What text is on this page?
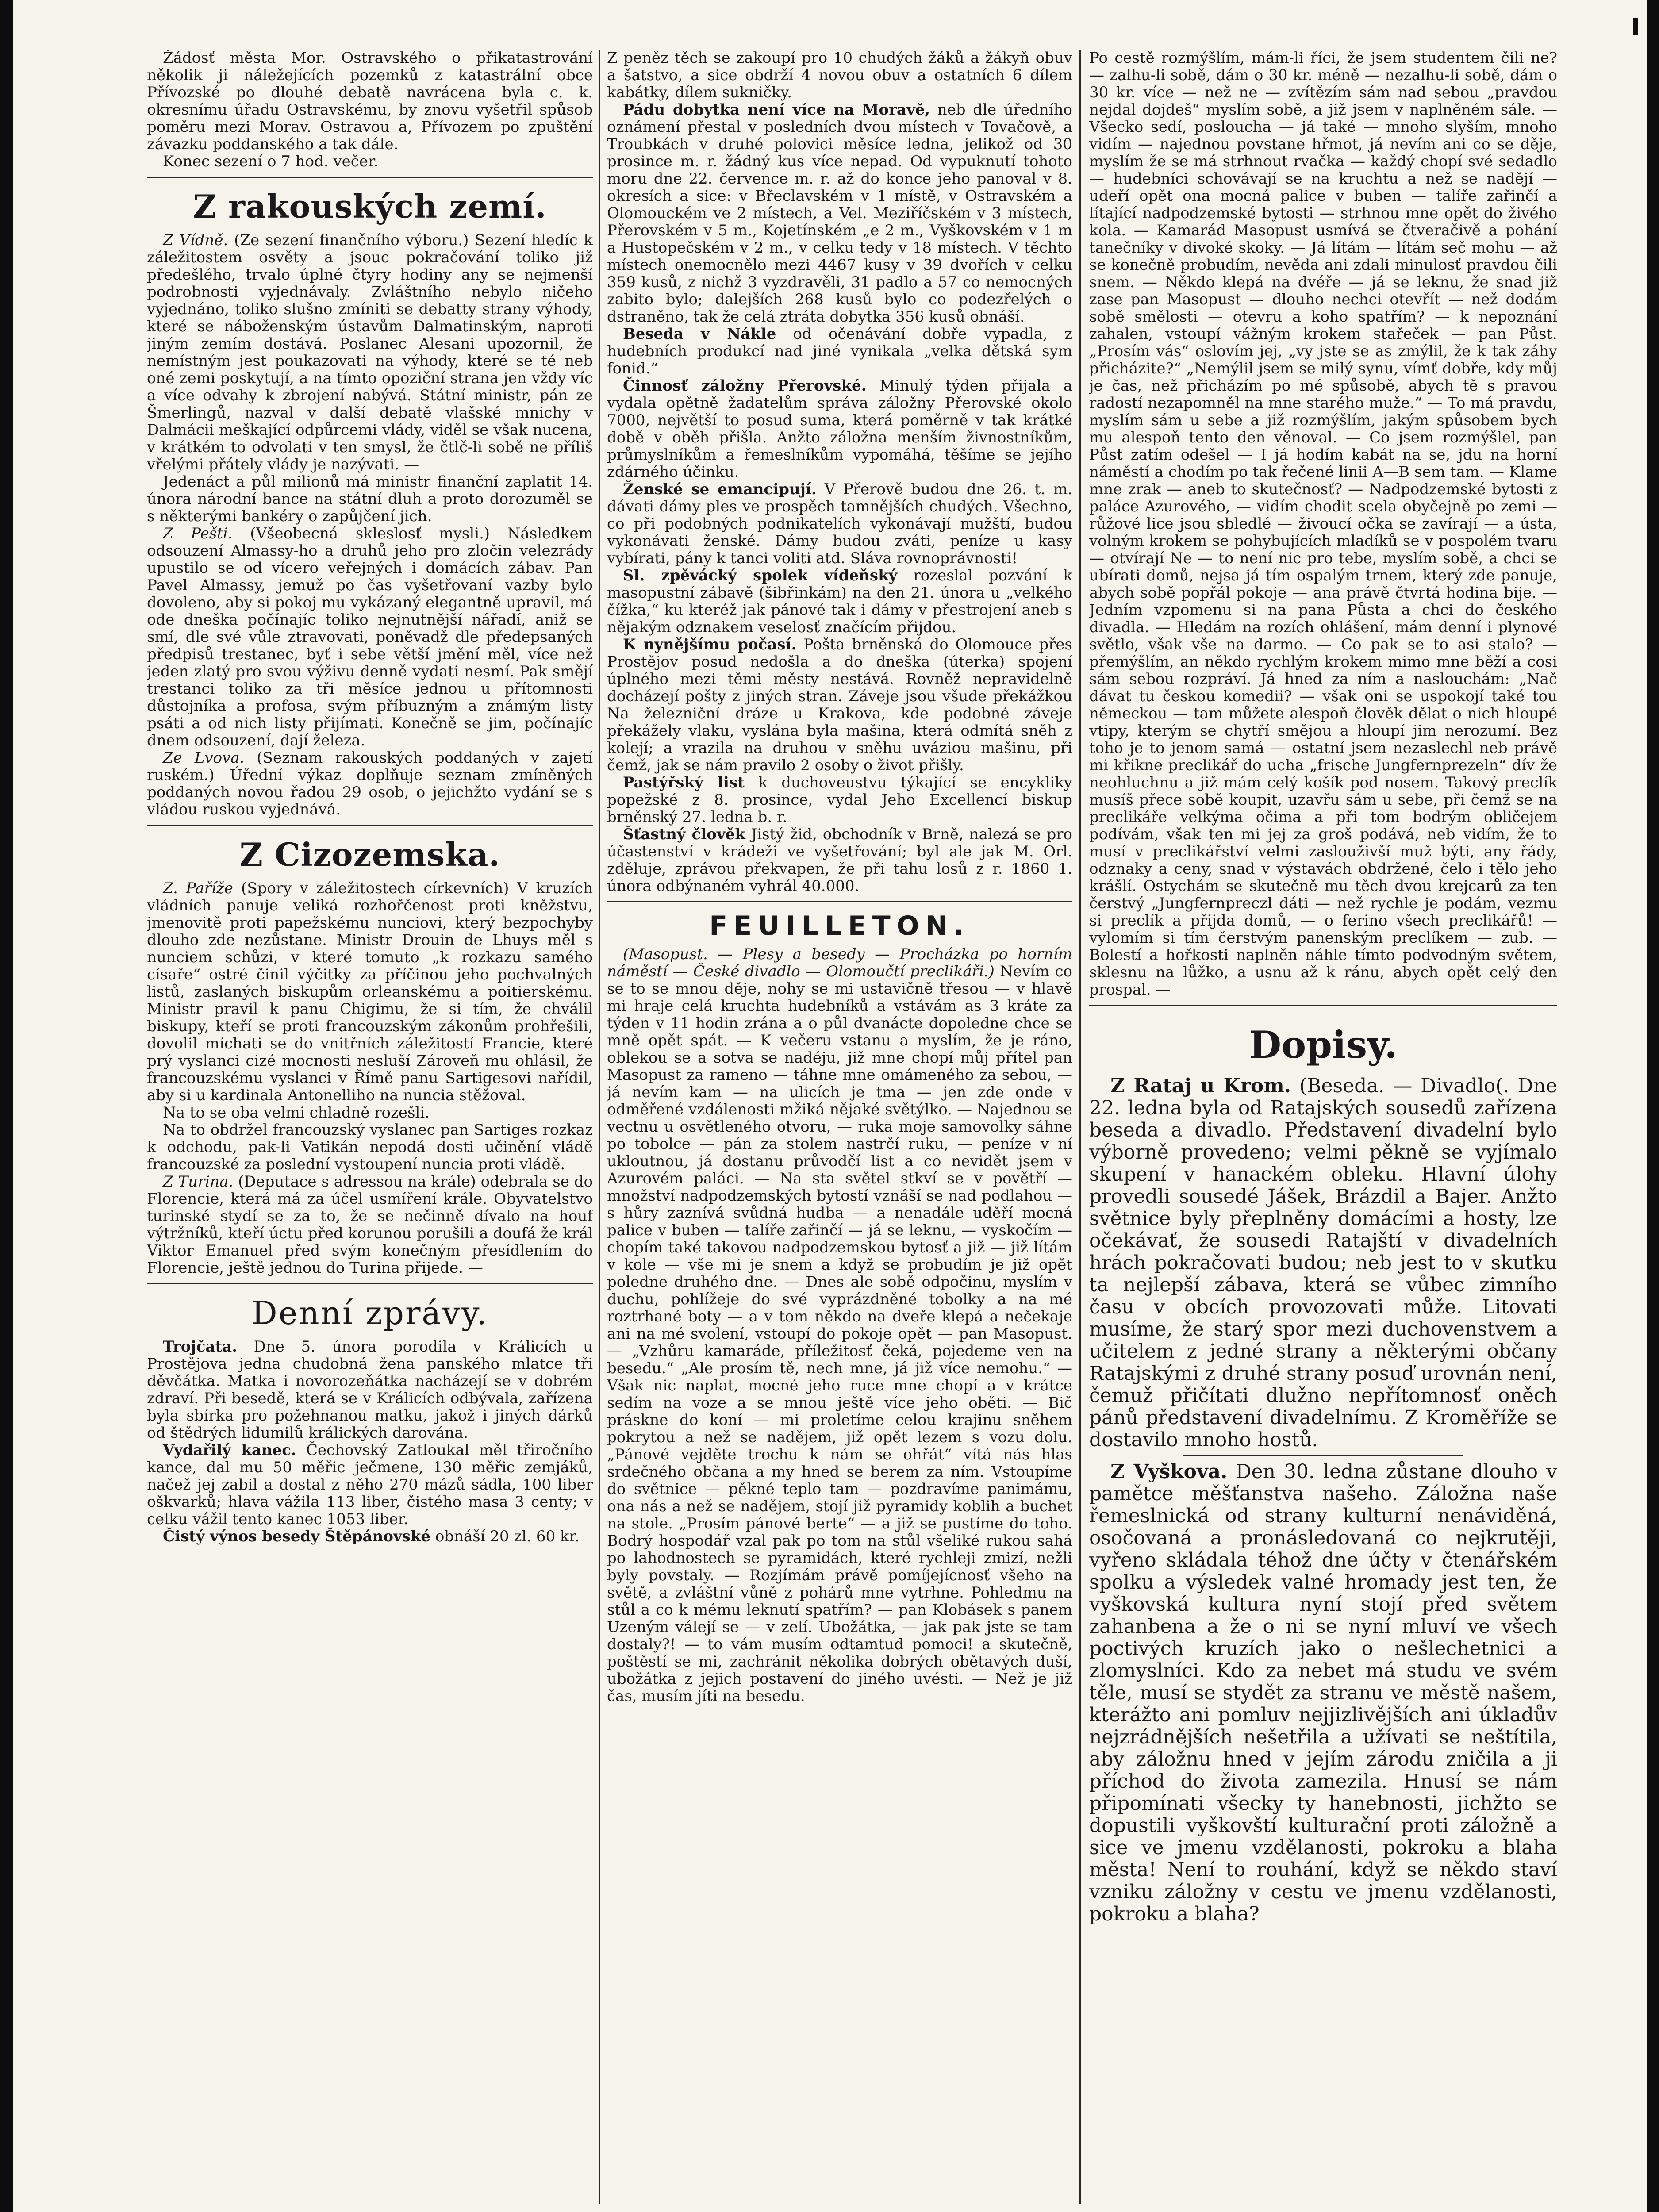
Žádosť města Mor. Ostravského o přikatastrování několik ji náležejících pozemků z katastrální obce Přívozské po dlouhé debatě navrácena byla c. k. okresnímu úřadu Ostravskému, by znovu vyšetřil spůsob poměru mezi Morav. Ostravou a, Přívozem po zpuštění závazku poddanského a tak dále.

Konec sezení o 7 hod. večer.

Z rakouských zemí.

Z Vídně. (Ze sezení finančního výboru.) Sezení hledíc k záležitostem osvěty a jsouc pokračování toliko již předešlého, trvalo úplné čtyry hodiny any se nejmenší podrobnosti vyjednávaly. Zvláštního nebylo ničeho vyjednáno, toliko slušno zmíniti se debatty strany výhody, které se náboženským ústavům Dalmatinským, naproti jiným zemím dostává. Poslanec Alesani upozornil, že nemístným jest poukazovati na výhody, které se té neb oné zemi poskytují, a na tímto opoziční strana jen vždy víc a více odvahy k zbrojení nabývá. Státní ministr, pán ze Šmerlingů, nazval v další debatě vlašské mnichy v Dalmácii meškající odpůrcemi vlády, viděl se však nucena, v krátkém to odvolati v ten smysl, že čtlč-li sobě ne příliš vřelými přátely vlády je nazývati. —

Jedenáct a půl milionů má ministr finanční zaplatit 14. února národní bance na státní dluh a proto dorozuměl se s některými bankéry o zapůjčení jich.

Z Pešti. (Všeobecná skleslosť mysli.) Následkem odsouzení Almassy-ho a druhů jeho pro zločin velezrády upustilo se od vícero veřejných i domácích zábav. Pan Pavel Almassy, jemuž po čas vyšetřovaní vazby bylo dovoleno, aby si pokoj mu vykázaný elegantně upravil, má ode dneška počínajíc toliko nejnutnější nářadí, aniž se smí, dle své vůle ztravovati, poněvadž dle předepsaných předpisů trestanec, byť i sebe větší jmění měl, více než jeden zlatý pro svou výživu denně vydati nesmí. Pak smějí trestanci toliko za tři měsíce jednou u přítomnosti důstojníka a profosa, svým příbuzným a známým listy psáti a od nich listy přijímati. Konečně se jim, počínajíc dnem odsouzení, dají železa.

Ze Lvova. (Seznam rakouských poddaných v zajetí ruském.) Úřední výkaz doplňuje seznam zmíněných poddaných novou řadou 29 osob, o jejichžto vydání se s vládou ruskou vyjednává.

Z Cizozemska.

Z. Paříže (Spory v záležitostech církevních) V kruzích vládních panuje veliká rozhořčenost proti kněžstvu, jmenovitě proti papežskému nunciovi, který bezpochyby dlouho zde nezůstane. Ministr Drouin de Lhuys měl s nunciem schůzi, v které tomuto „k rozkazu samého císaře“ ostré činil výčitky za příčinou jeho pochvalných listů, zaslaných biskupům orleanskému a poitierskému. Ministr pravil k panu Chigimu, že si tím, že chválil biskupy, kteří se proti francouzským zákonům prohřešili, dovolil míchati se do vnitřních záležitostí Francie, které prý vyslanci cizé mocnosti nesluší Zároveň mu ohlásil, že francouzskému vyslanci v Římě panu Sartigesovi nařídil, aby si u kardinala Antonelliho na nuncia stěžoval.

Na to se oba velmi chladně rozešli.

Na to obdržel francouzský vyslanec pan Sartiges rozkaz k odchodu, pak-li Vatikán nepodá dosti učinění vládě francouzské za poslední vystoupení nuncia proti vládě.

Z Turina. (Deputace s adressou na krále) odebrala se do Florencie, která má za účel usmíření krále. Obyvatelstvo turinské stydí se za to, že se nečinně dívalo na houf výtržníků, kteří úctu před korunou porušili a doufá že král Viktor Emanuel před svým konečným přesídlením do Florencie, ještě jednou do Turina přijede. —

Denní zprávy.

Trojčata. Dne 5. února porodila v Králicích u Prostějova jedna chudobná žena panského mlatce tři děvčátka. Matka i novorozeňátka nacházejí se v dobrém zdraví. Při besedě, která se v Králicích odbývala, zařízena byla sbírka pro požehnanou matku, jakož i jiných dárků od štědrých lidumilů králických darována.

Vydařilý kanec. Čechovský Zatloukal měl třiročního kance, dal mu 50 měřic ječmene, 130 měřic zemjáků, načež jej zabil a dostal z něho 270 mázů sádla, 100 liber oškvarků; hlava vážila 113 liber, čistého masa 3 centy; v celku vážil tento kanec 1053 liber.

Čistý výnos besedy Štěpánovské obnáší 20 zl. 60 kr.

Z peněz těch se zakoupí pro 10 chudých žáků a žákyň obuv a šatstvo, a sice obdrží 4 novou obuv a ostatních 6 dílem kabátky, dílem sukničky.

Pádu dobytka není více na Moravě, neb dle úředního oznámení přestal v posledních dvou místech v Tovačově, a Troubkách v druhé polovici měsíce ledna, jelikož od 30 prosince m. r. žádný kus více nepad. Od vypuknutí tohoto moru dne 22. července m. r. až do konce jeho panoval v 8. okresích a sice: v Břeclavském v 1 místě, v Ostravském a Olomouckém ve 2 místech, a Vel. Meziříčském v 3 místech, Přerovském v 5 m., Kojetínském „e 2 m., Vyškovském v 1 m a Hustopečském v 2 m., v celku tedy v 18 místech. V těchto místech onemocnělo mezi 4467 kusy v 39 dvořích v celku 359 kusů, z nichž 3 vyzdravěli, 31 padlo a 57 co nemocných zabito bylo; dalejších 268 kusů bylo co podezřelých o dstraněno, tak že celá ztráta dobytka 356 kusů obnáší.

Beseda v Nákle od očenávání dobře vypadla, z hudebních produkcí nad jiné vynikala „velka dětská sym fonid.“

Činnosť záložny Přerovské. Minulý týden přijala a vydala opětně žadatelům správa záložny Přerovské okolo 7000, největší to posud suma, která poměrně v tak krátké době v oběh přišla. Anžto záložna menším živnostníkům, průmyslníkům a řemeslníkům vypomáhá, těšíme se jejího zdárného účinku.

Ženské se emancipují. V Přerově budou dne 26. t. m. dávati dámy ples ve prospěch tamnějších chudých. Všechno, co při podobných podnikatelích vykonávají mužští, budou vykonávati ženské. Dámy budou zváti, peníze u kasy vybírati, pány k tanci voliti atd. Sláva rovnoprávnosti!

Sl. zpěvácký spolek vídeňský rozeslal pozvání k masopustní zábavě (šibřinkám) na den 21. února u „velkého čížka,“ ku kteréž jak pánové tak i dámy v přestrojení aneb s nějakým odznakem veselosť značícím přijdou.

K nynějšímu počasí. Pošta brněnská do Olomouce přes Prostějov posud nedošla a do dneška (úterka) spojení úplného mezi těmi městy nestává. Rovněž nepravidelně docházejí pošty z jiných stran. Záveje jsou všude překážkou Na železniční dráze u Krakova, kde podobné záveje překážely vlaku, vyslána byla mašina, která odmítá sněh z kolejí; a vrazila na druhou v sněhu uváziou mašinu, při čemž, jak se nám pravilo 2 osoby o život přišly.

Pastýřský list k duchoveustvu týkající se encykliky popežské z 8. prosince, vydal Jeho Excellencí biskup brněnský 27. ledna b. r.

Šťastný člověk Jistý žid, obchodník v Brně, nalezá se pro účastenství v krádeži ve vyšetřování; byl ale jak M. Orl. zděluje, zprávou překvapen, že při tahu losů z r. 1860 1. února odbýnaném vyhrál 40.000.

FEUILLETON.

(Masopust. — Plesy a besedy — Procházka po horním náměstí — České divadlo — Olomoučtí preclikáři.) Nevím co se to se mnou děje, nohy se mi ustavičně třesou — v hlavě mi hraje celá kruchta hudebníků a vstávám as 3 kráte za týden v 11 hodin zrána a o půl dvanácte dopoledne chce se mně opět spát. — K večeru vstanu a myslím, že je ráno, oblekou se a sotva se nadéju, již mne chopí můj přítel pan Masopust za rameno — táhne mne omámeného za sebou, — já nevím kam — na ulicích je tma — jen zde onde v odměřené vzdálenosti mžiká nějaké světýlko. — Najednou se vectnu u osvětleného otvoru, — ruka moje samovolky sáhne po tobolce — pán za stolem nastrčí ruku, — peníze v ní ukloutnou, já dostanu průvodčí list a co nevidět jsem v Azurovém paláci. — Na sta světel stkví se v povětří — množství nadpodzemských bytostí vznáší se nad podlahou — s hůry zaznívá svůdná hudba — a nenadále uděří mocná palice v buben — talíře zařinčí — já se leknu, — vyskočím — chopím také takovou nadpodzemskou bytosť a již — již lítám v kole — vše mi je snem a když se probudím je již opět poledne druhého dne. — Dnes ale sobě odpočinu, myslím v duchu, pohlížeje do své vyprázdněné tobolky a na mé roztrhané boty — a v tom někdo na dveře klepá a nečekaje ani na mé svolení, vstoupí do pokoje opět — pan Masopust. — „Vzhůru kamaráde, příležitosť čeká, pojedeme ven na besedu.“ „Ale prosím tě, nech mne, já již více nemohu.“ — Však nic naplat, mocné jeho ruce mne chopí a v krátce sedím na voze a se mnou ještě více jeho oběti. — Bič práskne do koní — mi proletíme celou krajinu sněhem pokrytou a než se nadějem, již opět lezem s vozu dolu. „Pánové vejděte trochu k nám se ohřát“ vítá nás hlas srdečného občana a my hned se berem za ním. Vstoupíme do světnice — pěkné teplo tam — pozdravíme panimámu, ona nás a než se nadějem, stojí již pyramidy koblih a buchet na stole. „Prosím pánové berte“ — a již se pustíme do toho. Bodrý hospodář vzal pak po tom na stůl všeliké rukou sahá po lahodnostech se pyramidách, které rychleji zmizí, nežli byly povstaly. — Rozjímám právě pomíjejícnosť všeho na světě, a zvláštní vůně z pohárů mne vytrhne. Pohledmu na stůl a co k mému leknutí spatřím? — pan Klobásek s panem Uzeným válejí se — v zelí. Ubožátka, — jak pak jste se tam dostaly?! — to vám musím odtamtud pomoci! a skutečně, poštěstí se mi, zachránit několika dobrých obětavých duší, ubožátka z jejich postavení do jiného uvésti. — Než je již čas, musím jíti na besedu.

Po cestě rozmýšlím, mám-li říci, že jsem studentem čili ne? — zalhu-li sobě, dám o 30 kr. méně — nezalhu-li sobě, dám o 30 kr. více — než ne — zvítězím sám nad sebou „pravdou nejdal dojdeš“ myslím sobě, a již jsem v naplněném sále. — Všecko sedí, posloucha — já také — mnoho slyším, mnoho vidím — najednou povstane hřmot, já nevím ani co se děje, myslím že se má strhnout rvačka — každý chopí své sedadlo — hudebníci schovávají se na kruchtu a než se nadějí — udeří opět ona mocná palice v buben — talíře zařinčí a lítající nadpodzemské bytosti — strhnou mne opět do živého kola. — Kamarád Masopust usmívá se čtveračivě a pohání tanečníky v divoké skoky. — Já lítám — lítám seč mohu — až se konečně probudím, nevěda ani zdali minulosť pravdou čili snem. — Někdo klepá na dvéře — já se leknu, že snad již zase pan Masopust — dlouho nechci otevřít — než dodám sobě smělosti — otevru a koho spatřím? — k nepoznání zahalen, vstoupí vážným krokem stařeček — pan Půst. „Prosím vás“ oslovím jej, „vy jste se as zmýlil, že k tak záhy přicházite?“ „Nemýlil jsem se milý synu, vímť dobře, kdy můj je čas, než přicházím po mé spůsobě, abych tě s pravou radostí nezapomněl na mne starého muže.“ — To má pravdu, myslím sám u sebe a již rozmýšlím, jakým spůsobem bych mu alespoň tento den věnoval. — Co jsem rozmýšlel, pan Půst zatím odešel — I já hodím kabát na se, jdu na horní náměstí a chodím po tak řečené linii A—B sem tam. — Klame mne zrak — aneb to skutečnosť? — Nadpodzemské bytosti z paláce Azurového, — vidím chodit scela obyčejně po zemi — růžové lice jsou sbledlé — živoucí očka se zavírají — a ústa, volným krokem se pohybujících mladíků se v pospolém tvaru — otvírají Ne — to není nic pro tebe, myslím sobě, a chci se ubírati domů, nejsa já tím ospalým trnem, který zde panuje, abych sobě popřál pokoje — ana právě čtvrtá hodina bije. — Jedním vzpomenu si na pana Půsta a chci do českého divadla. — Hledám na rozích ohlášení, mám denní i plynové světlo, však vše na darmo. — Co pak se to asi stalo? — přemýšlím, an někdo rychlým krokem mimo mne běží a cosi sám sebou rozpráví. Já hned za ním a naslouchám: „Nač dávat tu českou komedii? — však oni se uspokojí také tou německou — tam můžete alespoň člověk dělat o nich hloupé vtipy, kterým se chytří smějou a hloupí jim nerozumí. Bez toho je to jenom samá — ostatní jsem nezaslechl neb právě mi křikne preclikář do ucha „frische Jungfernprezeln“ dív že neohluchnu a již mám celý košík pod nosem. Takový preclík musíš přece sobě koupit, uzavřu sám u sebe, při čemž se na preclikáře velkýma očima a při tom bodrým obličejem podívám, však ten mi jej za groš podává, neb vidím, že to musí v preclikářství velmi zaslouživší muž býti, any řády, odznaky a ceny, snad v výstavách obdržené, čelo i tělo jeho krášlí. Ostychám se skutečně mu těch dvou krejcarů za ten čerstvý „Jungfernpreczl dáti — než rychle je podám, vezmu si preclík a přijda domů, — o ferino všech preclikářů! — vylomím si tím čerstvým panenským preclíkem — zub. — Bolestí a hořkosti naplněn náhle tímto podvodným světem, sklesnu na lůžko, a usnu až k ránu, abych opět celý den prospal. —

Dopisy.

Z Rataj u Krom. (Beseda. — Divadlo(. Dne 22. ledna byla od Ratajských sousedů zařízena beseda a divadlo. Představení divadelní bylo výborně provedeno; velmi pěkně se vyjímalo skupení v hanackém obleku. Hlavní úlohy provedli sousedé Jášek, Brázdil a Bajer. Anžto světnice byly přeplněny domácími a hosty, lze očekávať, že sousedi Ratajští v divadelních hrách pokračovati budou; neb jest to v skutku ta nejlepší zábava, která se vůbec zimního času v obcích provozovati může. Litovati musíme, že starý spor mezi duchovenstvem a učitelem z jedné strany a některými občany Ratajskými z druhé strany posuď urovnán není, čemuž přičítati dlužno nepřítomnosť oněch pánů představení divadelnímu. Z Kroměříže se dostavilo mnoho hostů.

Z Vyškova. Den 30. ledna zůstane dlouho v pamětce měšťanstva našeho. Záložna naše řemeslnická od strany kulturní nenáviděná, osočovaná a pronásledovaná co nejkrutěji, vyřeno skládala téhož dne účty v čtenářském spolku a výsledek valné hromady jest ten, že vyškovská kultura nyní stojí před světem zahanbena a že o ni se nyní mluví ve všech poctivých kruzích jako o nešlechetnici a zlomyslníci. Kdo za nebet má studu ve svém těle, musí se stydět za stranu ve městě našem, kterážto ani pomluv nejjizlivějších ani úkladův nejzrádnějších nešetřila a užívati se neštítila, aby záložnu hned v jejím zárodu zničila a ji příchod do života zamezila. Hnusí se nám připomínati všecky ty hanebnosti, jichžto se dopustili vyškovští kulturační proti záložně a sice ve jmenu vzdělanosti, pokroku a blaha města! Není to rouhání, když se někdo staví vzniku záložny v cestu ve jmenu vzdělanosti, pokroku a blaha?
